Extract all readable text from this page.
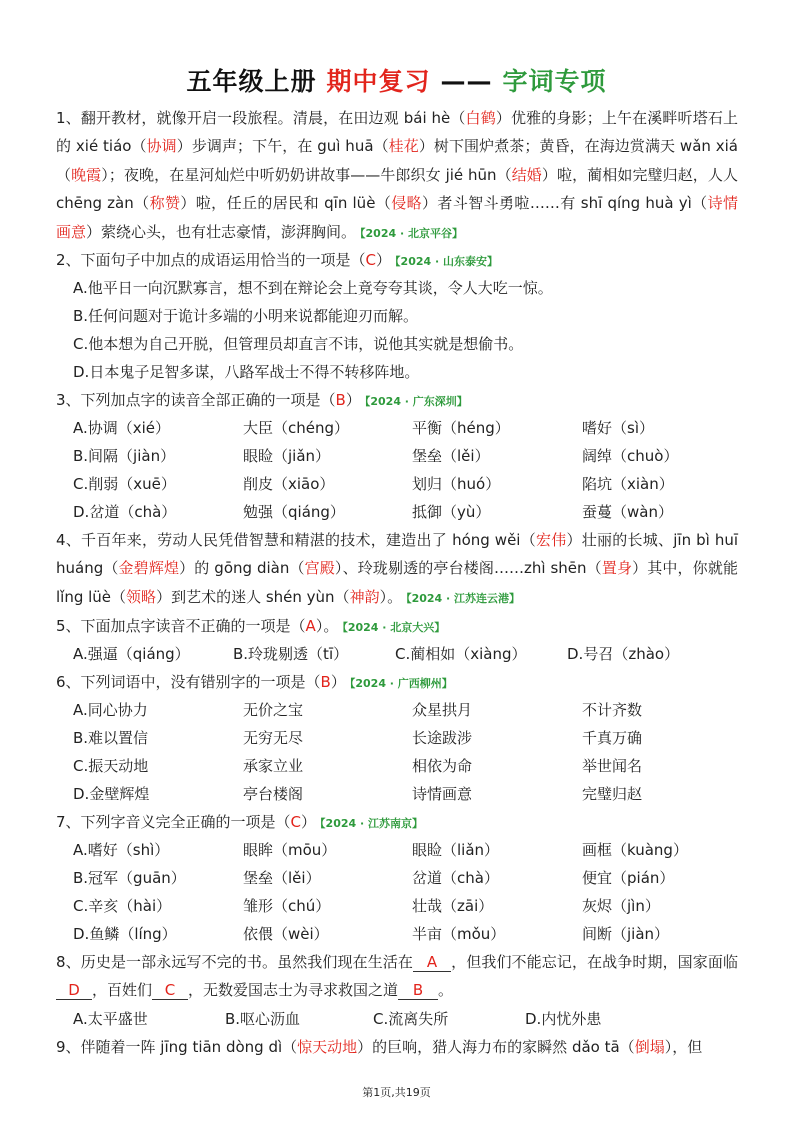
五年级上册 期中复习 —— 字词专项
1、翻开教材，就像开启一段旅程。清晨，在田边观 bái hè（白鹤）优雅的身影；上午在溪畔听塔石上的 xié tiáo（协调）步调声；下午，在 guì huā（桂花）树下围炉煮茶；黄昏，在海边赏满天 wǎn xiá（晚霞）；夜晚，在星河灿烂中听奶奶讲故事——牛郎织女 jié hūn（结婚）啦，蔺相如完璧归赵，人人 chēng zàn（称赞）啦，任丘的居民和 qīn lüè（侵略）者斗智斗勇啦……有 shī qíng huà yì（诗情画意）萦绕心头，也有壮志豪情，澎湃胸间。 【2024 · 北京平谷】
2、下面句子中加点的成语运用恰当的一项是（C） 【2024 · 山东泰安】
A.他平日一向沉默寡言，想不到在辩论会上竟夸夸其谈，令人大吃一惊。
B.任何问题对于诡计多端的小明来说都能迎刃而解。
C.他本想为自己开脱，但管理员却直言不讳，说他其实就是想偷书。
D.日本鬼子足智多谋，八路军战士不得不转移阵地。
3、下列加点字的读音全部正确的一项是（B） 【2024 · 广东深圳】
A.协调（xié）	大臣（chéng）	平衡（héng）	嗜好（sì）
B.间隔（jiàn）	眼睑（jiǎn）	堡垒（lěi）	阔绰（chuò）
C.削弱（xuē）	削皮（xiāo）	划归（huó）	陷坑（xiàn）
D.岔道（chà）	勉强（qiáng）	抵御（yù）	蚕蔓（wàn）
4、千百年来，劳动人民凭借智慧和精湛的技术，建造出了 hóng wěi（宏伟）壮丽的长城、jīn bì huī huáng（金碧辉煌）的 gōng diàn（宫殿）、玲珑剔透的亭台楼阁……zhì shēn（置身）其中，你就能 lǐng lüè（领略）到艺术的迷人 shén yùn（神韵）。 【2024 · 江苏连云港】
5、下面加点字读音不正确的一项是（A）。 【2024 · 北京大兴】
A.强逼（qiáng）	B.玲珑剔透（tī）	C.蔺相如（xiàng）	D.号召（zhào）
6、下列词语中，没有错别字的一项是（B） 【2024 · 广西柳州】
A.同心协力	无价之宝	众星拱月	不计齐数
B.难以置信	无穷无尽	长途跋涉	千真万确
C.振天动地	承家立业	相依为命	举世闻名
D.金壁辉煌	亭台楼阁	诗情画意	完璧归赵
7、下列字音义完全正确的一项是（C） 【2024 · 江苏南京】
A.嗜好（shì）	眼眸（mōu）	眼睑（liǎn）	画框（kuàng）
B.冠军（guān）	堡垒（lěi）	岔道（chà）	便宜（pián）
C.辛亥（hài）	雏形（chú）	壮哉（zāi）	灰烬（jìn）
D.鱼鳞（líng）	依偎（wèi）	半亩（mǒu）	间断（jiàn）
8、历史是一部永远写不完的书。虽然我们现在生活在 A ，但我们不能忘记，在战争时期，国家面临D ，百姓们 C ，无数爱国志士为寻求救国之道 B 。
A.太平盛世	B.呕心沥血	C.流离失所	D.内忧外患
9、伴随着一阵 jīng tiān dòng dì（惊天动地）的巨响，猎人海力布的家瞬然 dǎo tā（倒塌），但
第1页,共19页
